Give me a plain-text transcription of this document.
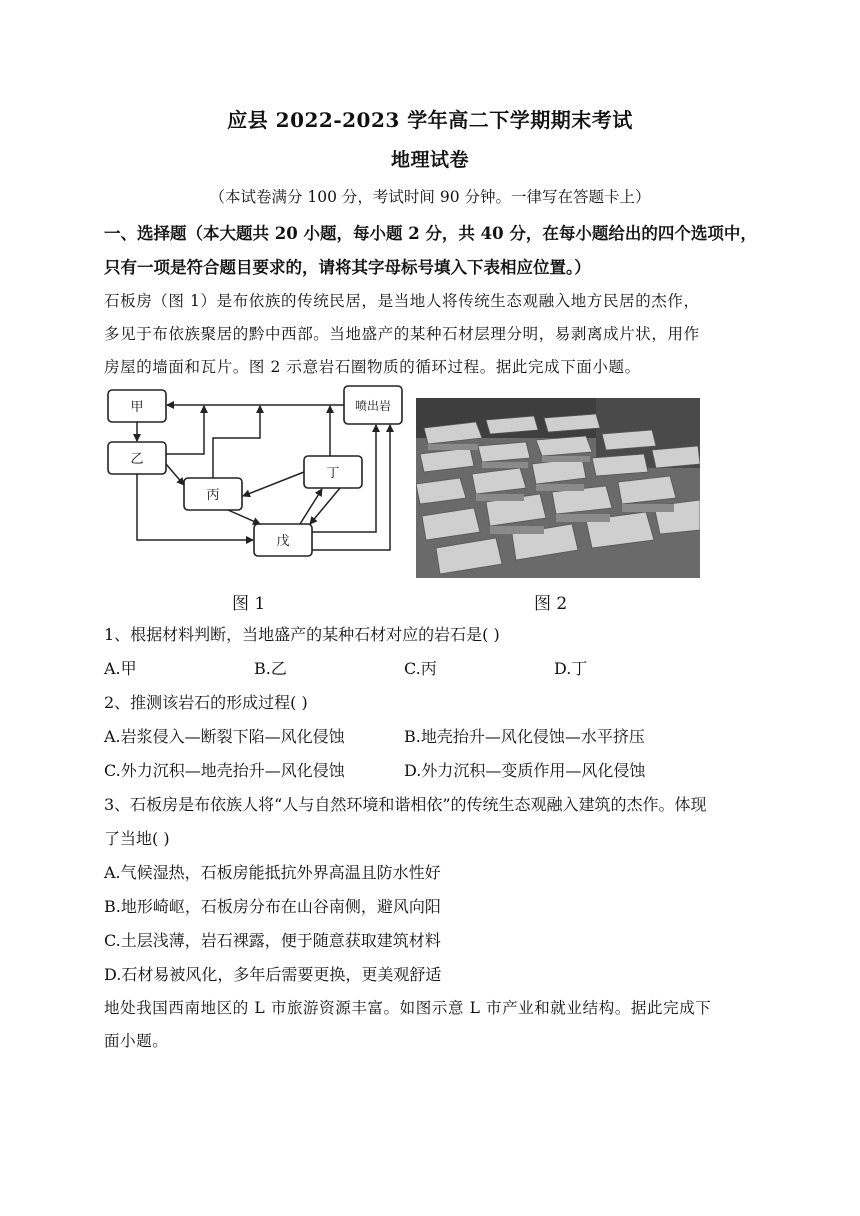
应县 2022-2023 学年高二下学期期末考试
地理试卷
（本试卷满分 100 分，考试时间 90 分钟。一律写在答题卡上）
一、选择题（本大题共 20 小题，每小题 2 分，共 40 分，在每小题给出的四个选项中，
只有一项是符合题目要求的，请将其字母标号填入下表相应位置。）
石板房（图 1）是布依族的传统民居，是当地人将传统生态观融入地方民居的杰作，
多见于布依族聚居的黔中西部。当地盛产的某种石材层理分明，易剥离成片状，用作
房屋的墙面和瓦片。图 2 示意岩石圈物质的循环过程。据此完成下面小题。
甲
乙
丙
丁
戊
喷出岩
图 1	图 2
1、根据材料判断，当地盛产的某种石材对应的岩石是( )
A.甲	B.乙	C.丙	D.丁
2、推测该岩石的形成过程( )
A.岩浆侵入—断裂下陷—风化侵蚀	B.地壳抬升—风化侵蚀—水平挤压
C.外力沉积—地壳抬升—风化侵蚀	D.外力沉积—变质作用—风化侵蚀
3、石板房是布依族人将“人与自然环境和谐相依”的传统生态观融入建筑的杰作。体现
了当地( )
A.气候湿热，石板房能抵抗外界高温且防水性好
B.地形崎岖，石板房分布在山谷南侧，避风向阳
C.土层浅薄，岩石裸露，便于随意获取建筑材料
D.石材易被风化，多年后需要更换，更美观舒适
地处我国西南地区的 L 市旅游资源丰富。如图示意 L 市产业和就业结构。据此完成下
面小题。
